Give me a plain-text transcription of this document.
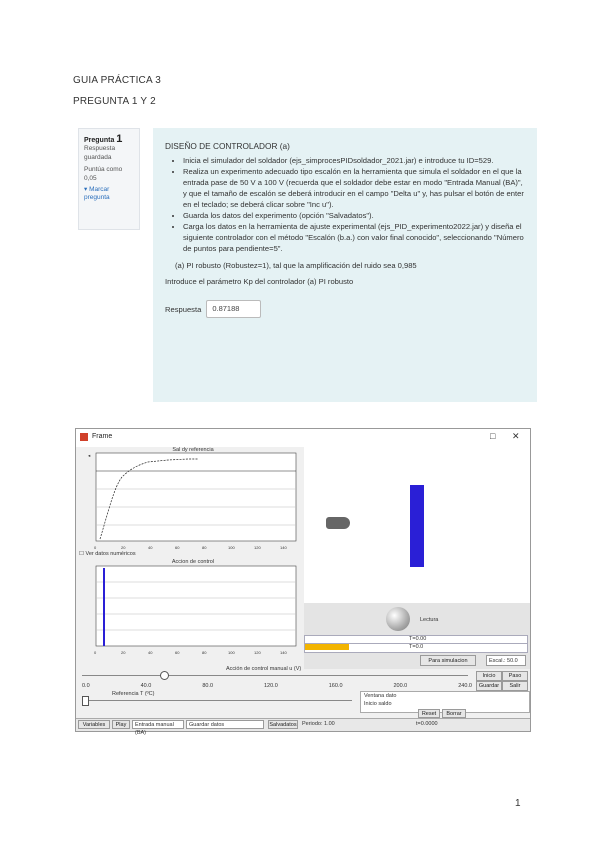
GUIA PRÁCTICA 3
PREGUNTA 1 Y 2
Pregunta 1
Respuesta guardada
Puntúa como 0,05
▾ Marcar pregunta
DISEÑO DE CONTROLADOR (a)
• Inicia el simulador del soldador (ejs_simprocesPIDsoldador_2021.jar) e introduce tu ID=529.
• Realiza un experimento adecuado tipo escalón en la herramienta que simula el soldador en el que la entrada pase de 50 V a 100 V (recuerda que el soldador debe estar en modo "Entrada Manual (BA)", y que el tamaño de escalón se deberá introducir en el campo "Delta u" y, has pulsar el botón de enter en el teclado; se deberá clicar sobre "Inc u").
• Guarda los datos del experimento (opción "Salvadatos").
• Carga los datos en la herramienta de ajuste experimental (ejs_PID_experimento2022.jar) y diseña el siguiente controlador con el método "Escalón (b.a.) con valor final conocido", seleccionando "Número de puntos para pendiente=5".
(a) PI robusto (Robustez=1), tal que la amplificación del ruido sea 0,985
Introduce el parámetro Kp del controlador (a) PI robusto
Respuesta	0.87188
Frame	□ ✕
Sal dy referencia
◂
0	20	40	60	80	100	120	140
☐ Ver datos numéricos
Accion de control
0	20	40	60	80	100	120	140
Lectura
T=0.00
T=0.0
Para simulacion	Escal.: 50.0
Inicio	Paso
Guardar	Salir
Acción de control manual u (V)
0.0	40.0	80.0	120.0	160.0	200.0	240.0
Referencia T (ºC)	Ventana dato
Inicio saldo
Reset	Borrar
Variables	Play	Entrada manual (BA)
Guardar datos	Salvadatos Periodo: 1.00	t=0.0000
1
